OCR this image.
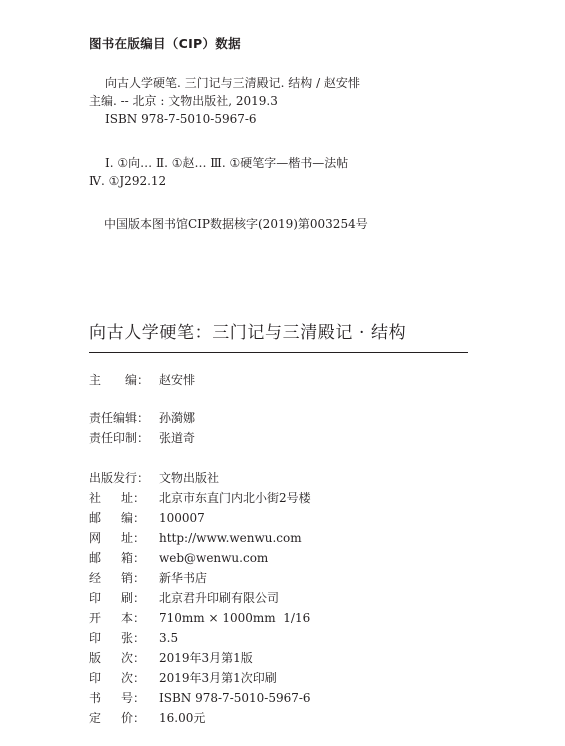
图书在版编目（CIP）数据
向古人学硬笔. 三门记与三清殿记. 结构 / 赵安悱
主编. -- 北京 : 文物出版社, 2019.3
ISBN 978-7-5010-5967-6
Ⅰ. ①向… Ⅱ. ①赵… Ⅲ. ①硬笔字—楷书—法帖
Ⅳ. ①J292.12
中国版本图书馆CIP数据核字(2019)第003254号
向古人学硬笔：三门记与三清殿记 · 结构
主　　编： 赵安悱
责任编辑： 孙漪娜
责任印制： 张道奇
出版发行： 文物出版社
社 址： 北京市东直门内北小街2号楼
邮 编： 100007
网 址： http://www.wenwu.com
邮 箱： web@wenwu.com
经 销： 新华书店
印 刷： 北京君升印刷有限公司
开 本： 710mm × 1000mm  1/16
印 张： 3.5
版 次： 2019年3月第1版
印 次： 2019年3月第1次印刷
书 号： ISBN 978-7-5010-5967-6
定 价： 16.00元
